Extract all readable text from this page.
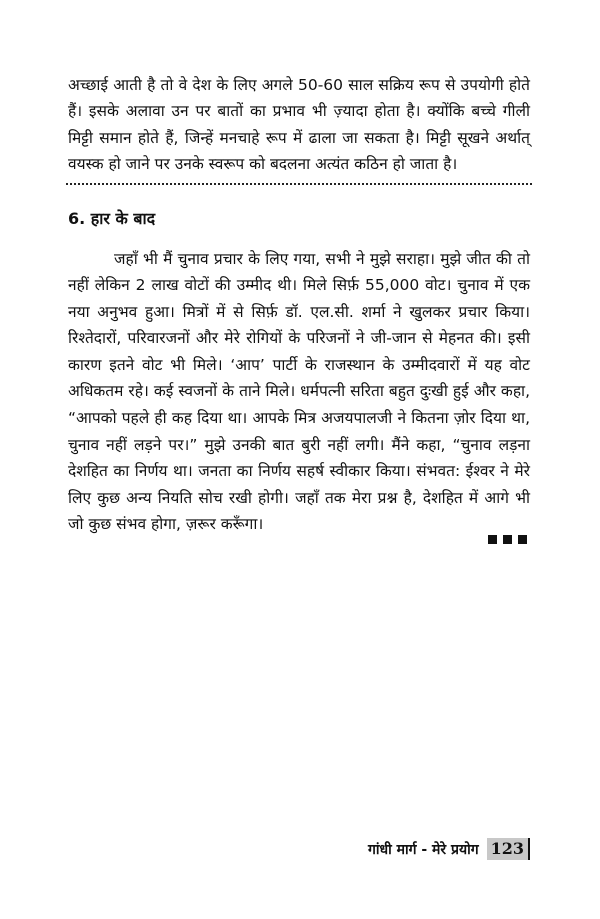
अच्छाई आती है तो वे देश के लिए अगले 50-60 साल सक्रिय रूप से उपयोगी होते हैं। इसके अलावा उन पर बातों का प्रभाव भी ज़्यादा होता है। क्योंकि बच्चे गीली मिट्टी समान होते हैं, जिन्हें मनचाहे रूप में ढाला जा सकता है। मिट्टी सूखने अर्थात् वयस्क हो जाने पर उनके स्वरूप को बदलना अत्यंत कठिन हो जाता है।

6. हार के बाद

जहाँ भी मैं चुनाव प्रचार के लिए गया, सभी ने मुझे सराहा। मुझे जीत की तो नहीं लेकिन 2 लाख वोटों की उम्मीद थी। मिले सिर्फ़ 55,000 वोट। चुनाव में एक नया अनुभव हुआ। मित्रों में से सिर्फ़ डॉ. एल.सी. शर्मा ने खुलकर प्रचार किया। रिश्तेदारों, परिवारजनों और मेरे रोगियों के परिजनों ने जी-जान से मेहनत की। इसी कारण इतने वोट भी मिले। ‘आप’ पार्टी के राजस्थान के उम्मीदवारों में यह वोट अधिकतम रहे। कई स्वजनों के ताने मिले। धर्मपत्नी सरिता बहुत दुःखी हुई और कहा, “आपको पहले ही कह दिया था। आपके मित्र अजयपालजी ने कितना ज़ोर दिया था, चुनाव नहीं लड़ने पर।” मुझे उनकी बात बुरी नहीं लगी। मैंने कहा, “चुनाव लड़ना देशहित का निर्णय था। जनता का निर्णय सहर्ष स्वीकार किया। संभवत: ईश्वर ने मेरे लिए कुछ अन्य नियति सोच रखी होगी। जहाँ तक मेरा प्रश्न है, देशहित में आगे भी जो कुछ संभव होगा, ज़रूर करूँगा।

गांधी मार्ग - मेरे प्रयोग 123
